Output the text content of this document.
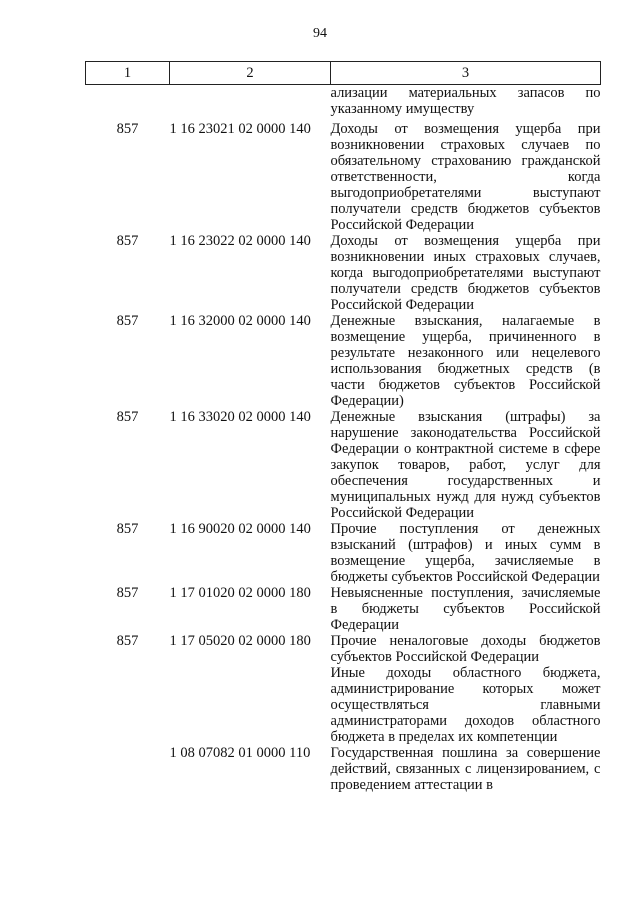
94
1	2	3
		ализации материальных запасов по указанному имуществу
857	1 16 23021 02 0000 140	Доходы от возмещения ущерба при возникновении страховых случаев по обязательному страхованию гражданской ответственности, когда выгодоприобретателями выступают получатели средств бюджетов субъектов Российской Федерации
857	1 16 23022 02 0000 140	Доходы от возмещения ущерба при возникновении иных страховых случаев, когда выгодоприобретателями выступают получатели средств бюджетов субъектов Российской Федерации
857	1 16 32000 02 0000 140	Денежные взыскания, налагаемые в возмещение ущерба, причиненного в результате незаконного или нецелевого использования бюджетных средств (в части бюджетов субъектов Российской Федерации)
857	1 16 33020 02 0000 140	Денежные взыскания (штрафы) за нарушение законодательства Российской Федерации о контрактной системе в сфере закупок товаров, работ, услуг для обеспечения государственных и муниципальных нужд для нужд субъектов Российской Федерации
857	1 16 90020 02 0000 140	Прочие поступления от денежных взысканий (штрафов) и иных сумм в возмещение ущерба, зачисляемые в бюджеты субъектов Российской Федерации
857	1 17 01020 02 0000 180	Невыясненные поступления, зачисляемые в бюджеты субъектов Российской Федерации
857	1 17 05020 02 0000 180	Прочие неналоговые доходы бюджетов субъектов Российской Федерации
		Иные доходы областного бюджета, администрирование которых может осуществляться главными администраторами доходов областного бюджета в пределах их компетенции
	1 08 07082 01 0000 110	Государственная пошлина за совершение действий, связанных с лицензированием, с проведением аттестации в
